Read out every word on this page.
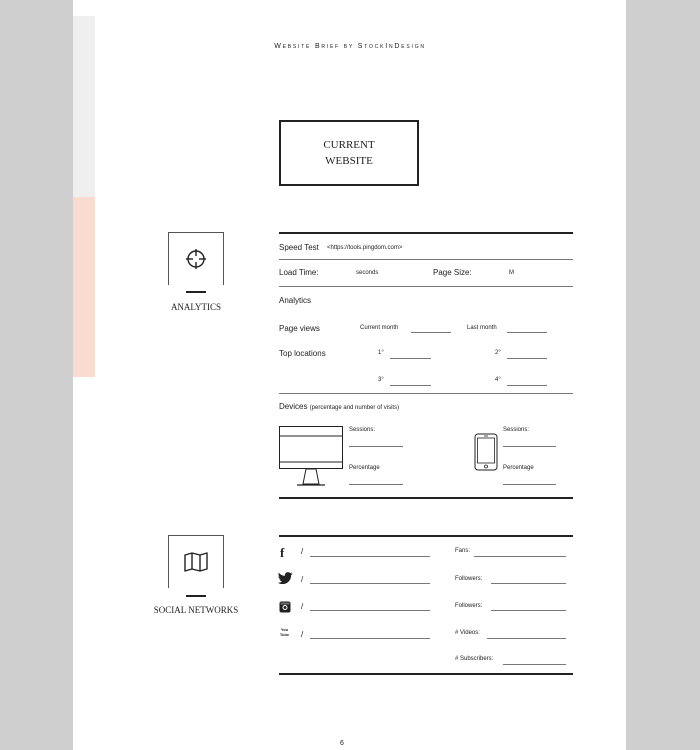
Website Brief by StockInDesign
CURRENT
WEBSITE
ANALYTICS
Speed Test <https://tools.pingdom.com>
Load Time:	seconds	Page Size:	M
Analytics
Page views	Current month	Last month
Top locations	1°	2°
3°	4°
Devices (percentage and number of visits)
Sessions:
Percentage
Sessions:
Percentage
SOCIAL NETWORKS
f /	Fans:
/	Followers:
/	Followers:
You Tube /	# Videos:
# Subscribers:
6
